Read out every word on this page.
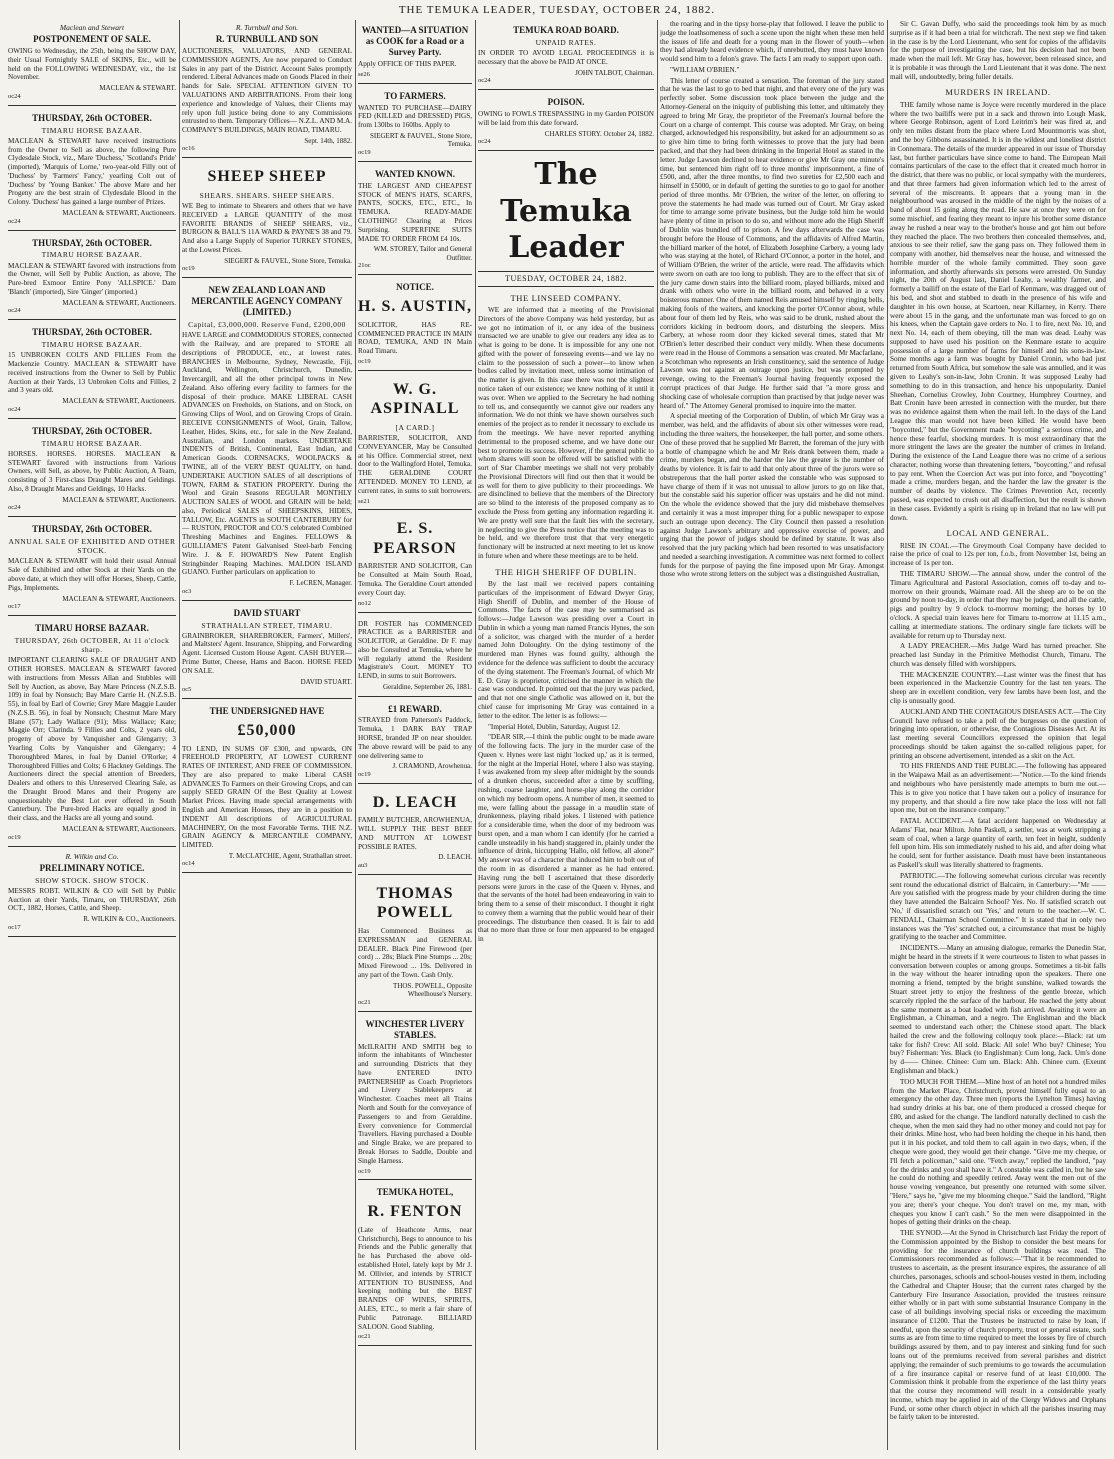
THE TEMUKA LEADER, TUESDAY, OCTOBER 24, 1882.
Maclean and Stewart
POSTPONEMENT OF SALE.
OWING to Wednesday, the 25th, being the SHOW DAY, their Usual Fortnightly SALE of SKINS, Etc., will be held on the FOLLOWING WEDNESDAY, viz., the 1st November.
MACLEAN & STEWART.
oc24
THURSDAY, 26th OCTOBER.
TIMARU HORSE BAZAAR.
MACLEAN & STEWART have received instructions from the Owner to Sell as above, the following Pure Clydesdale Stock, viz., Mare 'Duchess,' 'Scotland's Pride' (imported), 'Marquis of Lorne,' two-year-old Filly out of 'Duchess' by 'Farmers' Fancy,' yearling Colt out of 'Duchess' by 'Young Banker.' The above Mare and her Progeny are the best strain of Clydesdale Blood in the Colony. 'Duchess' has gained a large number of Prizes.
MACLEAN & STEWART, Auctioneers.
oc24
THURSDAY, 26th OCTOBER.
TIMARU HORSE BAZAAR.
MACLEAN & STEWART favored with instructions from the Owner, will Sell by Public Auction, as above, The Pure-bred Exmoor Entire Pony 'ALLSPICE.' Dam 'Blanch' (imported), Sire 'Ginger' (imported.)
MACLEAN & STEWART, Auctioneers.
oc24
THURSDAY, 26th OCTOBER.
TIMARU HORSE BAZAAR.
15 UNBROKEN COLTS AND FILLIES From the Mackenzie Country. MACLEAN & STEWART have received instructions from the Owner to Sell by Public Auction at their Yards, 13 Unbroken Colts and Fillies, 2 and 3 years old.
MACLEAN & STEWART, Auctioneers.
oc24
THURSDAY, 26th OCTOBER.
TIMARU HORSE BAZAAR.
HORSES. HORSES. HORSES. MACLEAN & STEWART favored with instructions from Various Owners, will Sell, as above, by Public Auction, A Team, consisting of 3 First-class Draught Mares and Geldings. Also, 8 Draught Mares and Geldings, 10 Hacks.
MACLEAN & STEWART, Auctioneers.
oc24
THURSDAY, 26th OCTOBER.
ANNUAL SALE OF EXHIBITED AND OTHER STOCK.
MACLEAN & STEWART will hold their usual Annual Sale of Exhibited and other Stock at their Yards on the above date, at which they will offer Horses, Sheep, Cattle, Pigs, Implements.
MACLEAN & STEWART, Auctioneers.
oc17
TIMARU HORSE BAZAAR.
THURSDAY, 26th OCTOBER, At 11 o'clock sharp.
IMPORTANT CLEARING SALE OF DRAUGHT AND OTHER HORSES. MACLEAN & STEWART favored with instructions from Messrs Allan and Stubbles will Sell by Auction, as above, Bay Mare Princess (N.Z.S.B. 109) in foal by Nonsuch; Bay Mare Carrie H. (N.Z.S.B. 55), in foal by Earl of Cowrie; Grey Mare Maggie Lauder (N.Z.S.B. 56), in foal by Nonsuch; Chestnut Mare Mary Blane (57); Lady Wallace (91); Miss Wallace; Kate; Maggie Orr; Clarinda. 9 Fillies and Colts, 2 years old, progeny of above by Vanquisher and Glengarry; 3 Yearling Colts by Vanquisher and Glengarry; 4 Thoroughbred Mares, in foal by Daniel O'Rorke; 4 Thoroughbred Fillies and Colts; 6 Hackney Geldings. The Auctioneers direct the special attention of Breeders, Dealers and others to this Unreserved Clearing Sale, as the Draught Brood Mares and their Progeny are unquestionably the Best Lot ever offered in South Canterbury. The Pure-bred Hacks are equally good in their class, and the Hacks are all young and sound.
MACLEAN & STEWART, Auctioneers.
oc19
R. Wilkin and Co.
PRELIMINARY NOTICE.
SHOW STOCK. SHOW STOCK.
MESSRS ROBT. WILKIN & CO will Sell by Public Auction at their Yards, Timaru, on THURSDAY, 26th OCT., 1882, Horses, Cattle, and Sheep.
R. WILKIN & CO., Auctioneers.
oc17
R. Turnbull and Son.
R. TURNBULL AND SON
AUCTIONEERS, VALUATORS, AND GENERAL COMMISSION AGENTS, Are now prepared to Conduct Sales in any part of the District. Account Sales promptly rendered. Liberal Advances made on Goods Placed in their hands for Sale. SPECIAL ATTENTION GIVEN TO VALUATIONS AND ARBITRATIONS. From their long experience and knowledge of Values, their Clients may rely upon full justice being done to any Commissions entrusted to them. Temporary Offices— N.Z.L. AND M.A. COMPANY'S BUILDINGS, MAIN ROAD, TIMARU.
Sept. 14th, 1882.
oc16
SHEEP SHEEP
SHEARS. SHEARS. SHEEP SHEARS.
WE Beg to intimate to Shearers and others that we have RECEIVED a LARGE QUANTITY of the most FAVORITE BRANDS of SHEEP SHEARS, viz., BURGON & BALL'S 11A WARD & PAYNE'S 38 and 79. And also a Large Supply of Superior TURKEY STONES, at the Lowest Prices.
SIEGERT & FAUVEL, Stone Store, Temuka.
oc19
NEW ZEALAND LOAN AND MERCANTILE AGENCY COMPANY (LIMITED.)
Capital, £3,000,000. Reserve Fund, £200,000
HAVE LARGE and COMMODIOUS STORES, connected with the Railway, and are prepared to STORE all descriptions of PRODUCE, etc., at lowest rates. BRANCHES in Melbourne, Sydney, Newcastle, Fiji, Auckland, Wellington, Christchurch, Dunedin, Invercargill, and all the other principal towns in New Zealand. Also offering every facility to farmers for the disposal of their produce. MAKE LIBERAL CASH ADVANCES on Freeholds, on Stations, and on Stock, on Growing Clips of Wool, and on Growing Crops of Grain. RECEIVE CONSIGNMENTS of Wool, Grain, Tallow, Leather, Hides, Skins, etc., for sale in the New Zealand, Australian, and London markets. UNDERTAKE INDENTS of British, Continental, East Indian, and American Goods. CORNSACKS, WOOLPACKS & TWINE, all of the VERY BEST QUALITY, on hand. UNDERTAKE AUCTION SALES of all descriptions of TOWN, FARM & STATION PROPERTY. During the Wool and Grain Seasons REGULAR MONTHLY AUCTION SALES of WOOL and GRAIN will be held; also, Periodical SALES of SHEEPSKINS, HIDES, TALLOW, Etc. AGENTS in SOUTH CANTERBURY for— RUSTON, PROCTOR and CO.'S celebrated Combined Threshing Machines and Engines. FELLOWS & GUILLIAME'S Patent Galvanised Steel-barb Fencing Wire. J. & F. HOWARD'S New Patent English Stringbinder Reaping Machines. MALDON ISLAND GUANO. Further particulars on application to
F. LeCREN, Manager.
oc3
DAVID STUART
STRATHALLAN STREET, TIMARU.
GRAINBROKER, SHAREBROKER, Farmers', Millers', and Maltsters' Agent. Insurance, Shipping, and Forwarding Agent. Licensed Custom House Agent. CASH BUYER—Prime Butter, Cheese, Hams and Bacon. HORSE FEED ON SALE.
DAVID STUART.
oc5
THE UNDERSIGNED HAVE
£50,000
TO LEND, IN SUMS OF £300, and upwards, ON FREEHOLD PROPERTY, AT LOWEST CURRENT RATES OF INTEREST, AND FREE OF COMMISSION. They are also prepared to make Liberal CASH ADVANCES To Farmers on their Growing Crops, and can supply SEED GRAIN Of the Best Quality at Lowest Market Prices. Having made special arrangements with English and American Houses, they are in a position to INDENT All descriptions of AGRICULTURAL MACHINERY, On the most Favorable Terms. THE N.Z. GRAIN AGENCY & MERCANTILE COMPANY, LIMITED.
T. McCLATCHIE, Agent, Strathallan street.
oc14
WANTED—A SITUATION as COOK for a Road or a Survey Party.
Apply OFFICE OF THIS PAPER.
se26
TO FARMERS.
WANTED TO PURCHASE—DAIRY FED (KILLED and DRESSED) PIGS, from 130lbs to 160lbs. Apply to
SIEGERT & FAUVEL, Stone Store, Temuka.
oc19
WANTED KNOWN.
THE LARGEST AND CHEAPEST STOCK of MEN'S HATS, SCARFS, PANTS, SOCKS, ETC., ETC., In TEMUKA. READY-MADE CLOTHING! Clearing at Prices Surprising. SUPERFINE SUITS MADE TO ORDER FROM £4 10s.
WM. STOREY, Tailor and General Outfitter.
21oc
NOTICE.
H. S. AUSTIN,
SOLICITOR, HAS RE-COMMENCED PRACTICE IN MAIN ROAD, TEMUKA, AND IN Main Road Timaru.
oc19
W. G. ASPINALL
[A CARD.]
BARRISTER, SOLICITOR, AND CONVEYANCER, May be Consulted at his Office. Commercial street, next door to the Wallingford Hotel, Temuka. THE GERALDINE COURT ATTENDED. MONEY TO LEND, at current rates, in sums to suit borrowers.
se21
E. S. PEARSON
BARRISTER AND SOLICITOR, Can be Consulted at Main South Road, Temuka. The Geraldine Court attended every Court day.
no12
DR FOSTER has COMMENCED PRACTICE as a BARRISTER and SOLICITOR, at Geraldine. Dr F. may also be Consulted at Temuka, where he will regularly attend the Resident Magistrate's Court. MONEY TO LEND, in sums to suit Borrowers.
Geraldine, September 26, 1881.
£1 REWARD.
STRAYED from Patterson's Paddock, Temuka, 1 DARK BAY TRAP HORSE, branded JP on near shoulder. The above reward will be paid to any one delivering same to
J. CRAMOND, Arowhenua.
oc19
D. LEACH
FAMILY BUTCHER, AROWHENUA, WILL SUPPLY THE BEST BEEF AND MUTTON AT LOWEST POSSIBLE RATES.
D. LEACH.
au3
THOMAS POWELL
Has Commenced Business as EXPRESSMAN and GENERAL DEALER. Black Pine Firewood (per cord) ... 28s; Black Pine Stumps ... 20s; Mixed Firewood ... 19s. Delivered in any part of the Town. Cash Only.
THOS. POWELL, Opposite Wheelhouse's Nursery.
oc21
WINCHESTER LIVERY STABLES.
McILRAITH AND SMITH beg to inform the inhabitants of Winchester and surrounding Districts that they have ENTERED INTO PARTNERSHIP as Coach Proprietors and Livery Stablekeepers at Winchester. Coaches meet all Trains North and South for the conveyance of Passengers to and from Geraldine. Every convenience for Commercial Travellers. Having purchased a Double and Single Brake, we are prepared to Break Horses to Saddle, Double and Single Harness.
oc19
TEMUKA HOTEL,
R. FENTON
(Late of Heathcote Arms, near Christchurch), Begs to announce to his Friends and the Public generally that he has Purchased the above old-established Hotel, lately kept by Mr J. M. Ollivier, and intends by STRICT ATTENTION TO BUSINESS, And keeping nothing but the BEST BRANDS OF WINES, SPIRITS, ALES, ETC., to merit a fair share of Public Patronage. BILLIARD SALOON. Good Stabling.
oc21
TEMUKA ROAD BOARD.
UNPAID RATES.
IN ORDER TO AVOID LEGAL PROCEEDINGS it is necessary that the above be PAID AT ONCE.
JOHN TALBOT, Chairman.
oc24
POISON.
OWING to FOWLS TRESPASSING in my Garden POISON will be laid from this date forward.
CHARLES STORY. October 24, 1882.
oc24
The Temuka Leader
TUESDAY, OCTOBER 24, 1882.
THE LINSEED COMPANY.

WE are informed that a meeting of the Provisional Directors of the above Company was held yesterday, but as we got no intimation of it, or any idea of the business transacted we are unable to give our readers any idea as to what is going to be done. It is impossible for any one not gifted with the power of foreseeing events—and we lay no claim to the possession of such a power—to know when bodies called by invitation meet, unless some intimation of the matter is given. In this case there was not the slightest notice taken of our existence; we knew nothing of it until it was over. When we applied to the Secretary he had nothing to tell us, and consequently we cannot give our readers any information. We do not think we have shown ourselves such enemies of the project as to render it necessary to exclude us from the meetings. We have never reported anything detrimental to the proposed scheme, and we have done our best to promote its success. However, if the general public to whom shares will soon be offered will be satisfied with the sort of Star Chamber meetings we shall not very probably the Provisional Directors will find out then that it would be as well for them to give publicity to their proceedings. We are disinclined to believe that the members of the Directory are so blind to the interests of the proposed company as to exclude the Press from getting any information regarding it. We are pretty well sure that the fault lies with the secretary, in neglecting to give the Press notice that the meeting was to be held, and we therefore trust that that very energetic functionary will be instructed at next meeting to let us know in future when and where these meetings are to be held.

THE HIGH SHERIFF OF DUBLIN.

By the last mail we received papers containing particulars of the imprisonment of Edward Dwyer Gray, High Sheriff of Dublin, and member of the House of Commons. The facts of the case may be summarised as follows:—Judge Lawson was presiding over a Court in Dublin in which a young man named Francis Hynes, the son of a solicitor, was charged with the murder of a herder named John Doloughty. On the dying testimony of the murdered man Hynes was found guilty, although the evidence for the defence was sufficient to doubt the accuracy of the dying statement. The Freeman's Journal, of which Mr E. D. Gray is proprietor, criticised the manner in which the case was conducted. It pointed out that the jury was packed, and that not one single Catholic was allowed on it, but the chief cause for imprisoning Mr Gray was contained in a letter to the editor. The letter is as follows:—

"Imperial Hotel, Dublin, Saturday, August 12.

"DEAR SIR,—I think the public ought to be made aware of the following facts. The jury in the murder case of the Queen v. Hynes were last night 'locked up,' as it is termed, for the night at the Imperial Hotel, where I also was staying. I was awakened from my sleep after midnight by the sounds of a drunken chorus, succeeded after a time by scuffling, rushing, coarse laughter, and horse-play along the corridor on which my bedroom opens. A number of men, it seemed to me, were falling about the passage in a maudlin state of drunkenness, playing ribald jokes. I listened with patience for a considerable time, when the door of my bedroom was burst open, and a man whom I can identify (for he carried a candle unsteadily in his hand) staggered in, plainly under the influence of drink, hiccupping 'Hallo, old fellow, all alone?' My answer was of a character that induced him to bolt out of the room in as disordered a manner as he had entered. Having rung the bell I ascertained that these disorderly persons were jurors in the case of the Queen v. Hynes, and that the servants of the hotel had been endeavoring in vain to bring them to a sense of their misconduct. I thought it right to convey them a warning that the public would hear of their proceedings. The disturbance then ceased. It is fair to add that no more than three or four men appeared to be engaged in

the roaring and in the tipsy horse-play that followed. I leave the public to judge the loathsomeness of such a scene upon the night when these men held the issues of life and death for a young man in the flower of youth—when they had already heard evidence which, if unrebutted, they must have known would send him to a felon's grave. The facts I am ready to support upon oath.

"WILLIAM O'BRIEN."

This letter of course created a sensation. The foreman of the jury stated that he was the last to go to bed that night, and that every one of the jury was perfectly sober. Some discussion took place between the judge and the Attorney-General on the iniquity of publishing this letter, and ultimately they agreed to bring Mr Gray, the proprietor of the Freeman's Journal before the Court on a charge of contempt. This course was adopted. Mr Gray, on being charged, acknowledged his responsibility, but asked for an adjournment so as to give him time to bring forth witnesses to prove that the jury had been packed, and that they had been drinking in the Imperial Hotel as stated in the letter. Judge Lawson declined to hear evidence or give Mr Gray one minute's time, but sentenced him right off to three months' imprisonment, a fine of £500, and, after the three months, to find two sureties for £2,500 each and himself in £5000, or in default of getting the sureties to go to gaol for another period of three months. Mr O'Brien, the writer of the letter, on offering to prove the statements he had made was turned out of Court. Mr Gray asked for time to arrange some private business, but the Judge told him he would have plenty of time in prison to do so, and without more ado the High Sheriff of Dublin was bundled off to prison. A few days afterwards the case was brought before the House of Commons, and the affidavits of Alfred Martin, the billiard marker of the hotel, of Elizabeth Josephine Carbery, a young lady who was staying at the hotel, of Richard O'Connor, a porter in the hotel, and of William O'Brien, the writer of the article, were read. The affidavits which were sworn on oath are too long to publish. They are to the effect that six of the jury came down stairs into the billiard room, played billiards, mixed and drank with others who were in the billiard room, and behaved in a very boisterous manner. One of them named Reis amused himself by ringing bells, making fools of the waiters, and knocking the porter O'Connor about, while about four of them led by Reis, who was said to be drunk, rushed about the corridors kicking in bedroom doors, and disturbing the sleepers. Miss Carbery, at whose room door they kicked several times, stated that Mr O'Brien's letter described their conduct very mildly. When these documents were read in the House of Commons a sensation was created. Mr Macfarlane, a Scotchman who represents an Irish constituency, said the sentence of Judge Lawson was not against an outrage upon justice, but was prompted by revenge, owing to the Freeman's Journal having frequently exposed the corrupt practices of that Judge. He further said that "a more gross and shocking case of wholesale corruption than practised by that judge never was heard of." The Attorney General promised to inquire into the matter.

A special meeting of the Corporation of Dublin, of which Mr Gray was a member, was held, and the affidavits of about six other witnesses were read, including the three waiters, the housekeeper, the hall porter, and some others. One of these proved that he supplied Mr Barrett, the foreman of the jury with a bottle of champagne which he and Mr Reis drank between them, made a crime, murders began, and the harder the law the greater is the number of deaths by violence. It is fair to add that only about three of the jurors were so obstreperous that the hall porter asked the constable who was supposed to have charge of them if it was not unusual to allow jurors to go on like that, but the constable said his superior officer was upstairs and he did not mind. On the whole the evidence showed that the jury did misbehave themselves and certainly it was a most improper thing for a public newspaper to expose such an outrage upon decency. The City Council then passed a resolution against Judge Lawson's arbitrary and oppressive exercise of power, and urging that the power of judges should be defined by statute. It was also resolved that the jury packing which had been resorted to was unsatisfactory and needed a searching investigation. A committee was next formed to collect funds for the purpose of paying the fine imposed upon Mr Gray. Amongst those who wrote strong letters on the subject was a distinguished Australian,

Sir C. Gavan Duffy, who said the proceedings took him by as much surprise as if it had been a trial for witchcraft. The next step we find taken in the case is by the Lord Lieutenant, who sent for copies of the affidavits for the purpose of investigating the case, but his decision had not been made when the mail left. Mr Gray has, however, been released since, and it is probable it was through the Lord Lieutenant that it was done. The next mail will, undoubtedly, bring fuller details.

MURDERS IN IRELAND.

THE family whose name is Joyce were recently murdered in the place where the two bailiffs were put in a sack and thrown into Lough Mask, where George Robinson, agent of Lord Leitrim's heir was fired at, and only ten miles distant from the place where Lord Mountmorris was shot, and the boy Gibbons assassinated. It is in the wildest and loneliest district in Connemara. The details of the murder appeared in our issue of Thursday last, but further particulars have since come to hand. The European Mail contains particulars of the case to the effect that it created much horror in the district, that there was no public, or local sympathy with the murderers, and that three farmers had given information which led to the arrest of several of the miscreants. It appears that a young man in the neighbourhood was aroused in the middle of the night by the noises of a band of about 15 going along the road. He saw at once they were on for some mischief, and fearing they meant to injure his brother some distance away he rushed a near way to the brother's house and got him out before they reached the place. The two brothers then concealed themselves, and, anxious to see their relief, saw the gang pass on. They followed them in company with another, hid themselves near the house, and witnessed the horrible murder of the whole family committed. They soon gave information, and shortly afterwards six persons were arrested. On Sunday night, the 20th of August last, Daniel Leahy, a wealthy farmer, and formerly a bailiff on the estate of the Earl of Kenmare, was dragged out of his bed, and shot and stabbed to death in the presence of his wife and daughter in his own house, at Scartoen, near Killarney, in Kerry. There were about 15 in the gang, and the unfortunate man was forced to go on his knees, when the Captain gave orders to No. 1 to fire, next No. 10, and next No. 14, each of them obeying, till the man was dead. Leahy was supposed to have used his position on the Kenmare estate to acquire possession of a large number of farms for himself and his sons-in-law. Some months ago a farm was bought by Daniel Cronin, who had just returned from South Africa, but somehow the sale was annulled, and it was given to Leahy's son-in-law, John Cronin. It was supposed Leahy had something to do in this transaction, and hence his unpopularity. Daniel Sheehan, Cornelius Crowley, John Courtney, Humphrey Courtney, and Batt Cronin have been arrested in connection with the murder, but there was no evidence against them when the mail left. In the days of the Land League this man would not have been killed. He would have been "boycotted," but the Government made "boycotting" a serious crime, and hence these fearful, shocking murders. It is most extraordinary that the more stringent the laws are the greater the number of crimes in Ireland. During the existence of the Land League there was no crime of a serious character, nothing worse than threatening letters, "boycotting," and refusal to pay rent. When the Coercion Act was put into force, and "boycotting" made a crime, murders began, and the harder the law the greater is the number of deaths by violence. The Crimes Prevention Act, recently passed, was expected to crush out all disaffection, but the result is shown in these cases. Evidently a spirit is rising up in Ireland that no law will put down.

LOCAL AND GENERAL.

RISE IN COAL.—The Greymouth Coal Company have decided to raise the price of coal to 12s per ton, f.o.b., from November 1st, being an increase of 1s per ton.

THE TIMARU SHOW.—The annual show, under the control of the Timaru Agricultural and Pastoral Association, comes off to-day and to-morrow on their grounds, Waimate road. All the sheep are to be on the ground by noon to-day, in order that they may be judged, and all the cattle, pigs and poultry by 9 o'clock to-morrow morning; the horses by 10 o'clock. A special train leaves here for Timaru to-morrow at 11.15 a.m., calling at intermediate stations. The ordinary single fare tickets will be available for return up to Thursday next.

A LADY PREACHER.—Mrs Judge Ward has turned preacher. She preached last Sunday in the Primitive Methodist Church, Timaru. The church was densely filled with worshippers.

THE MACKENZIE COUNTRY.—Last winter was the finest that has been experienced in the Mackenzie Country for the last ten years. The sheep are in excellent condition, very few lambs have been lost, and the clip is unusually good.

AUCKLAND AND THE CONTAGIOUS DISEASES ACT.—The City Council have refused to take a poll of the burgesses on the question of bringing into operation, or otherwise, the Contagious Diseases Act. At its last meeting several Councillors expressed the opinion that legal proceedings should be taken against the so-called religious paper, for printing an obscene advertisement, intended as a skit on the Act.

TO HIS FRIENDS AND THE PUBLIC.—The following has appeared in the Waipawa Mail as an advertisement:—"Notice.—To the kind friends and neighbours who have persistently made attempts to burn me out.—This is to give you notice that I have taken out a policy of insurance for my property, and that should a fire now take place the loss will not fall upon me, but on the insurance company."

FATAL ACCIDENT.—A fatal accident happened on Wednesday at Adams' Flat, near Milton. John Paskell, a settler, was at work stripping a seam of coal, when a large quantity of earth, ten feet in height, suddenly fell upon him. His son immediately rushed to his aid, and after doing what he could, sent for further assistance. Death must have been instantaneous as Paskell's skull was literally shattered to fragments.

PATRIOTIC.—The following somewhat curious circular was recently sent round the educational district of Balcairn, in Canterbury:—"Mr —— Are you satisfied with the progress made by your children during the time they have attended the Balcairn School? Yes. No. If satisfied scratch out 'No,' if dissatisfied scratch out 'Yes,' and return to the teacher.—W. C. FENDALL, Chairman School Committee." It is stated that in only two instances was the 'Yes' scratched out, a circumstance that must be highly gratifying to the teacher and Committee.

INCIDENTS.—Many an amusing dialogue, remarks the Dunedin Star, might be heard in the streets if it were courteous to listen to what passes in conversation between couples or among groups. Sometimes a tit-bit falls in the way without the hearer intruding upon the speakers. There one morning a friend, tempted by the bright sunshine, walked towards the Stuart street jetty to enjoy the freshness of the gentle breeze, which scarcely rippled the the surface of the harbour. He reached the jetty about the same moment as a boat loaded with fish arrived. Awaiting it were an Englishman, a Chinaman, and a negro. The Englishman and the black seemed to understand each other; the Chinese stood apart. The black hailed the crew and the following colloquy took place:—Black: rat um take for fish? Crew: All sold. Black: All sole! Who buy? Chinese; You buy? Fisherman: Yes. Black (to Englishman): Cum long, Jack. Um's done by d—— Chinee. Chinee: Cum um. Black: Ahh. Chinee cum. (Exeunt Englishman and black.)

TOO MUCH FOR THEM.—Mine host of an hotel not a hundred miles from the Market Place, Christchurch, proved himself fully equal to an emergency the other day. Three men (reports the Lyttelton Times) having had sundry drinks at his bar, one of them produced a crossed cheque for £80, and asked for the change. The landlord naturally declined to cash the cheque, when the men said they had no other money and could not pay for their drinks. Mine host, who had been holding the cheque in his hand, then put it in his pocket, and told them to call again in two days, when, if the cheque were good, they would get their change. "Give me my cheque, or I'll fetch a policeman," said one. "Fetch away," replied the landlord, "pay for the drinks and you shall have it." A constable was called in, but he saw he could do nothing and speedily retired. Away went the men out of the house vowing vengeance, but presently one returned with some silver. "Here," says he, "give me my blooming cheque." Said the landlord, "Right you are; there's your cheque. You don't travel on me, my man, with cheques you know I can't cash." So the men were disappointed in the hopes of getting their drinks on the cheap.

THE SYNOD.—At the Synod in Christchurch last Friday the report of the Commission appointed by the Bishop to consider the best means for providing for the insurance of church buildings was read. The Commissioners recommended as follows:—"That it be recommended to trustees to ascertain, as the present insurance expires, the assurance of all churches, parsonages, schools and school-houses vested in them, including the Cathedral and Chapter House; that the current rates charged by the Canterbury Fire Insurance Association, provided the trustees reinsure either wholly or in part with some substantial Insurance Company in the case of all buildings involving special risks or exceeding the maximum insurance of £1200. That the Trustees be instructed to raise by loan, if needful, upon the security of church property, trust or general estate, such sums as are from time to time required to meet the losses by fire of church buildings assured by them, and to pay interest and sinking fund for such loans out of the premiums received from several parishes and district applying; the remainder of such premiums to go towards the accumulation of a fire insurance capital or reserve fund of at least £10,000. The Commission think it probable from the experience of the last thirty years that the course they recommend will result in a considerable yearly income, which may be applied in aid of the Clergy Widows and Orphans Fund, or some other church object in which all the parishes insuring may be fairly taken to be interested.
